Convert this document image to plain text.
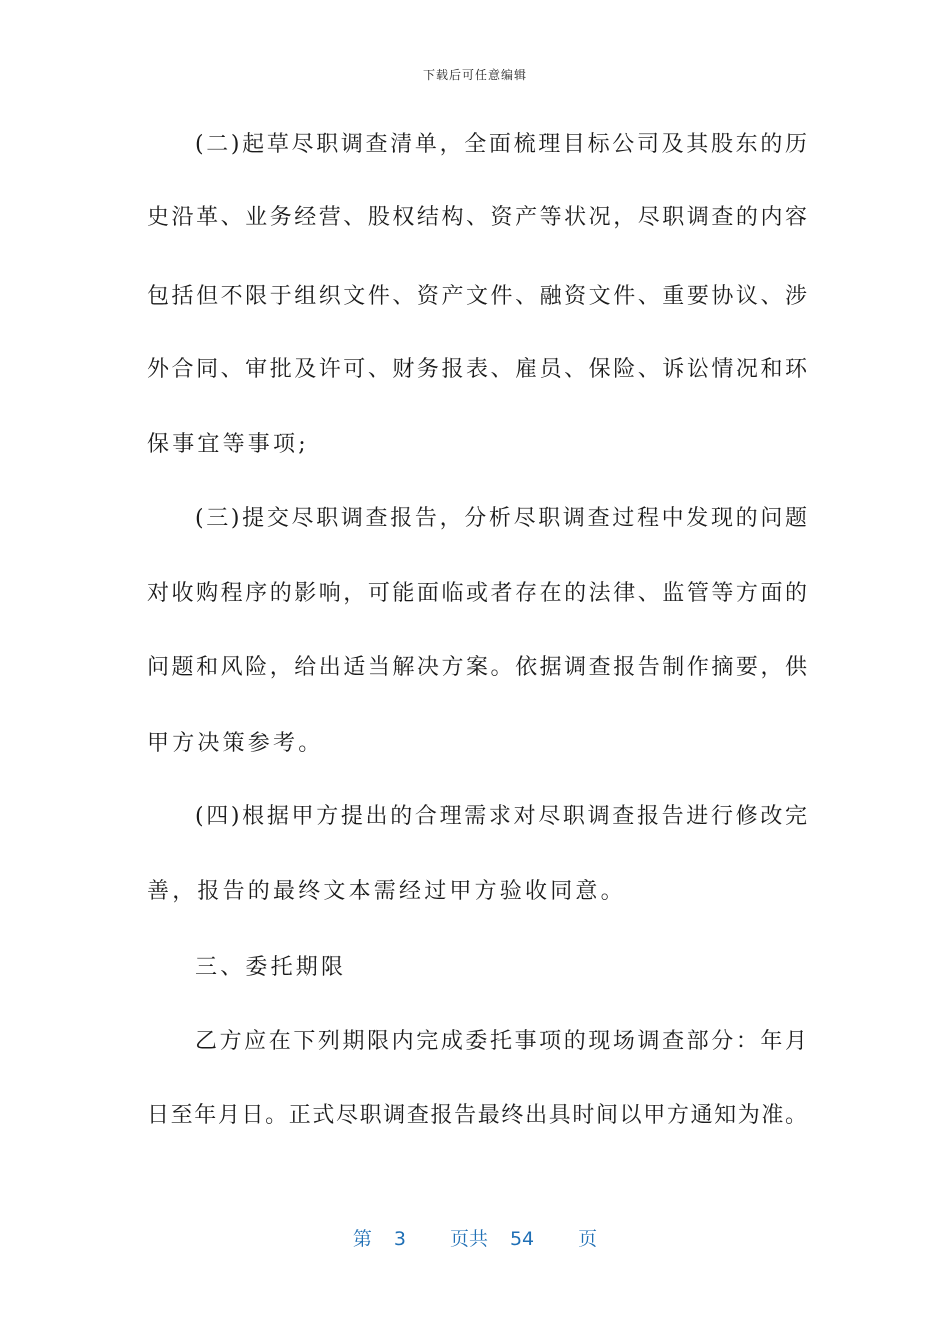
下载后可任意编辑
(二)起草尽职调查清单，全面梳理目标公司及其股东的历
史沿革、业务经营、股权结构、资产等状况，尽职调查的内容
包括但不限于组织文件、资产文件、融资文件、重要协议、涉
外合同、审批及许可、财务报表、雇员、保险、诉讼情况和环
保事宜等事项;
(三)提交尽职调查报告，分析尽职调查过程中发现的问题
对收购程序的影响，可能面临或者存在的法律、监管等方面的
问题和风险，给出适当解决方案。依据调查报告制作摘要，供
甲方决策参考。
(四)根据甲方提出的合理需求对尽职调查报告进行修改完
善，报告的最终文本需经过甲方验收同意。
三、委托期限
乙方应在下列期限内完成委托事项的现场调查部分：年月
日至年月日。正式尽职调查报告最终出具时间以甲方通知为准。
第 3 页共 54 页
